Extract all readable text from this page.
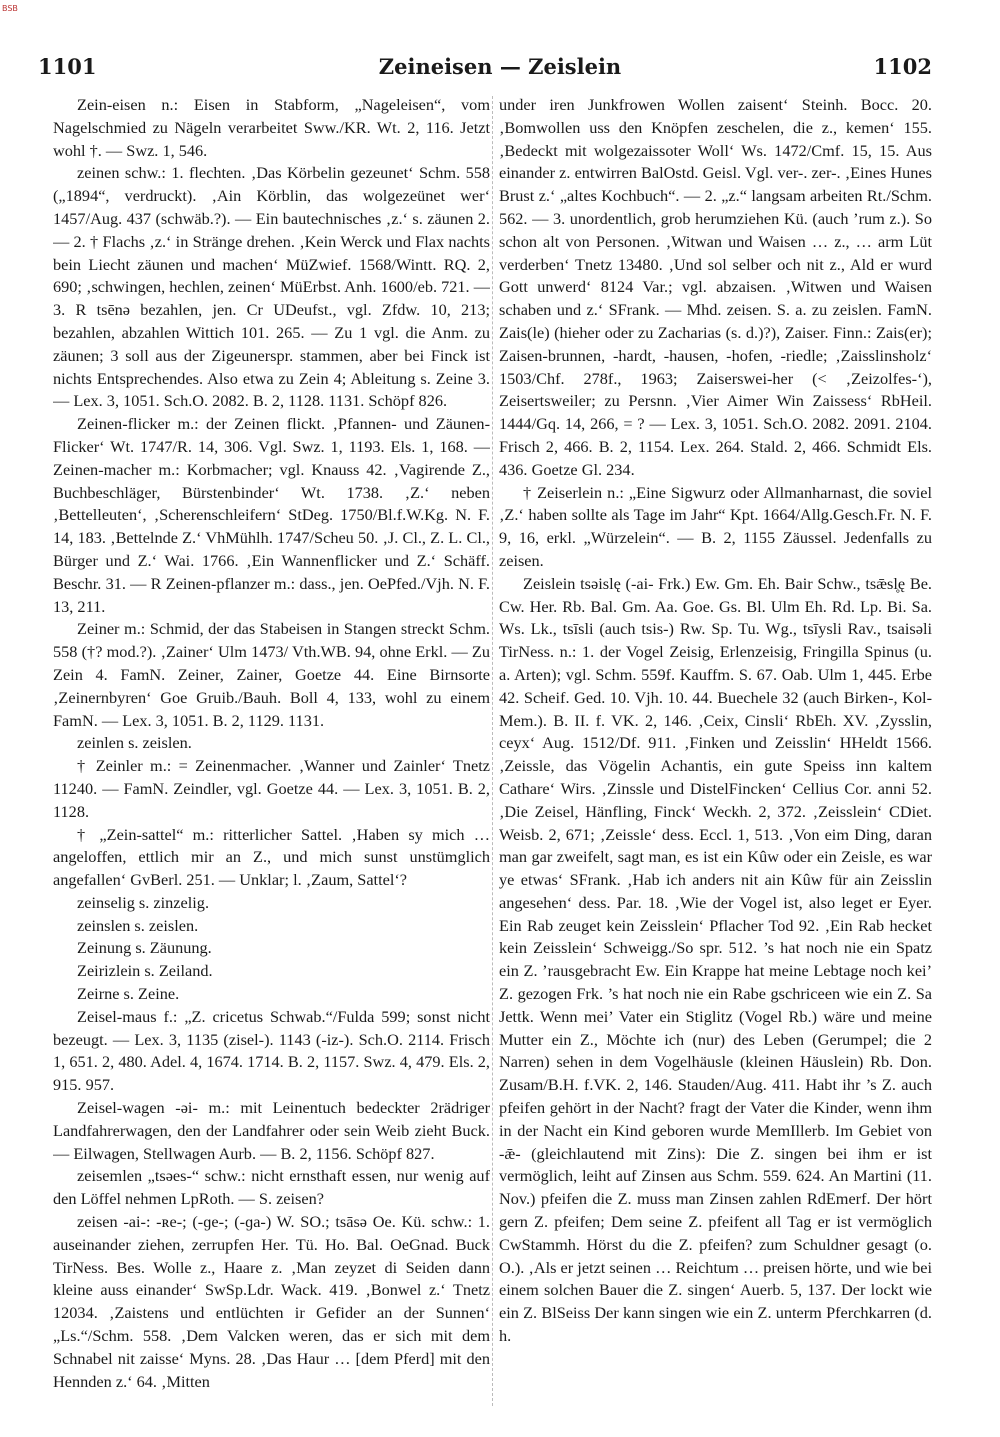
BSB
1101	Zeineisen — Zeislein	1102

Zein-eisen n.: Eisen in Stabform, „Nageleisen“, vom Nagelschmied zu Nägeln verarbeitet Sww./KR. Wt. 2, 116. Jetzt wohl †. — Swz. 1, 546.

zeinen schw.: 1. flechten. ‚Das Körbelin gezeunet‘ Schm. 558 („1894“, verdruckt). ‚Ain Körblin, das wolgezeünet wer‘ 1457/Aug. 437 (schwäb.?). — Ein bautechnisches ‚z.‘ s. zäunen 2. — 2. † Flachs ‚z.‘ in Stränge drehen. ‚Kein Werck und Flax nachts bein Liecht zäunen und machen‘ MüZwief. 1568/Wintt. RQ. 2, 690; ‚schwingen, hechlen, zeinen‘ MüErbst. Anh. 1600/eb. 721. — 3. R tsēnə bezahlen, jen. Cr UDeufst., vgl. Zfdw. 10, 213; bezahlen, abzahlen Wittich 101. 265. — Zu 1 vgl. die Anm. zu zäunen; 3 soll aus der Zigeunerspr. stammen, aber bei Finck ist nichts Entsprechendes. Also etwa zu Zein 4; Ableitung s. Zeine 3. — Lex. 3, 1051. Sch.O. 2082. B. 2, 1128. 1131. Schöpf 826.

Zeinen-flicker m.: der Zeinen flickt. ‚Pfannen- und Zäunen-Flicker‘ Wt. 1747/R. 14, 306. Vgl. Swz. 1, 1193. Els. 1, 168. — Zeinen-macher m.: Korbmacher; vgl. Knauss 42. ‚Vagirende Z., Buchbeschläger, Bürstenbinder‘ Wt. 1738. ‚Z.‘ neben ‚Bettelleuten‘, ‚Scherenschleifern‘ StDeg. 1750/Bl.f.W.Kg. N. F. 14, 183. ‚Bettelnde Z.‘ VhMühlh. 1747/Scheu 50. ‚J. Cl., Z. L. Cl., Bürger und Z.‘ Wai. 1766. ‚Ein Wannenflicker und Z.‘ Schäff. Beschr. 31. — R Zeinen-pflanzer m.: dass., jen. OePfed./Vjh. N. F. 13, 211.

Zeiner m.: Schmid, der das Stabeisen in Stangen streckt Schm. 558 (†? mod.?). ‚Zainer‘ Ulm 1473/ Vth.WB. 94, ohne Erkl. — Zu Zein 4. FamN. Zeiner, Zainer, Goetze 44. Eine Birnsorte ‚Zeinernbyren‘ Goe Gruib./Bauh. Boll 4, 133, wohl zu einem FamN. — Lex. 3, 1051. B. 2, 1129. 1131.

zeinlen s. zeislen.

† Zeinler m.: = Zeinenmacher. ‚Wanner und Zainler‘ Tnetz 11240. — FamN. Zeindler, vgl. Goetze 44. — Lex. 3, 1051. B. 2, 1128.

† „Zein-sattel“ m.: ritterlicher Sattel. ‚Haben sy mich … angeloffen, ettlich mir an Z., und mich sunst unstümglich angefallen‘ GvBerl. 251. — Unklar; l. ‚Zaum, Sattel‘?

zeinselig s. zinzelig.

zeinslen s. zeislen.

Zeinung s. Zäunung.

Zeirizlein s. Zeiland.

Zeirne s. Zeine.

Zeisel-maus f.: „Z. cricetus Schwab.“/Fulda 599; sonst nicht bezeugt. — Lex. 3, 1135 (zisel-). 1143 (-iz-). Sch.O. 2114. Frisch 1, 651. 2, 480. Adel. 4, 1674. 1714. B. 2, 1157. Swz. 4, 479. Els. 2, 915. 957.

Zeisel-wagen -əi- m.: mit Leinentuch bedeckter 2rädriger Landfahrerwagen, den der Landfahrer oder sein Weib zieht Buck. — Eilwagen, Stellwagen Aurb. — B. 2, 1156. Schöpf 827.

zeisemlen „tsəes-“ schw.: nicht ernsthaft essen, nur wenig auf den Löffel nehmen LpRoth. — S. zeisen?

zeisen -ai-: -ʀe-; (-ɡe-; (-ɡa-) W. SO.; tsāsə Oe. Kü. schw.: 1. auseinander ziehen, zerrupfen Her. Tü. Ho. Bal. OeGnad. Buck TirNess. Bes. Wolle z., Haare z. ‚Man zeyzet di Seiden dann kleine auss einander‘ SwSp.Ldr. Wack. 419. ‚Bonwel z.‘ Tnetz 12034. ‚Zaistens und entlüchten ir Gefider an der Sunnen‘ „Ls.“/Schm. 558. ‚Dem Valcken weren, das er sich mit dem Schnabel nit zaisse‘ Myns. 28. ‚Das Haur … [dem Pferd] mit den Hennden z.‘ 64. ‚Mitten

under iren Junkfrowen Wollen zaisent‘ Steinh. Bocc. 20. ‚Bomwollen uss den Knöpfen zeschelen, die z., kemen‘ 155. ‚Bedeckt mit wolgezaissoter Woll‘ Ws. 1472/Cmf. 15, 15. Aus einander z. entwirren BalOstd. Geisl. Vgl. ver-. zer-. ‚Eines Hunes Brust z.‘ „altes Kochbuch“. — 2. „z.“ langsam arbeiten Rt./Schm. 562. — 3. unordentlich, grob herumziehen Kü. (auch ’rum z.). So schon alt von Personen. ‚Witwan und Waisen … z., … arm Lüt verderben‘ Tnetz 13480. ‚Und sol selber och nit z., Ald er wurd Gott unwerd‘ 8124 Var.; vgl. abzaisen. ‚Witwen und Waisen schaben und z.‘ SFrank. — Mhd. zeisen. S. a. zu zeislen. FamN. Zais(le) (hieher oder zu Zacharias (s. d.)?), Zaiser. Finn.: Zais(er); Zaisen-brunnen, -hardt, -hausen, -hofen, -riedle; ‚Zaisslinsholz‘ 1503/Chf. 278f., 1963; Zaiserswei-her (< ‚Zeizolfes-‘), Zeisertsweiler; zu Persnn. ‚Vier Aimer Win Zaissess‘ RbHeil. 1444/Gq. 14, 266, = ? — Lex. 3, 1051. Sch.O. 2082. 2091. 2104. Frisch 2, 466. B. 2, 1154. Lex. 264. Stald. 2, 466. Schmidt Els. 436. Goetze Gl. 234.

† Zeiserlein n.: „Eine Sigwurz oder Allmanharnast, die soviel ‚Z.‘ haben sollte als Tage im Jahr“ Kpt. 1664/Allg.Gesch.Fr. N. F. 9, 16, erkl. „Würzelein“. — B. 2, 1155 Zäussel. Jedenfalls zu zeisen.

Zeislein tsəislę (-ai- Frk.) Ew. Gm. Eh. Bair Schw., tsǣsl̥ę Be. Cw. Her. Rb. Bal. Gm. Aa. Goe. Gs. Bl. Ulm Eh. Rd. Lp. Bi. Sa. Ws. Lk., tsīsli (auch tsis-) Rw. Sp. Tu. Wg., tsīysli Rav., tsaisəli TirNess. n.: 1. der Vogel Zeisig, Erlenzeisig, Fringilla Spinus (u. a. Arten); vgl. Schm. 559f. Kauffm. S. 67. Oab. Ulm 1, 445. Erbe 42. Scheif. Ged. 10. Vjh. 10. 44. Buechele 32 (auch Birken-, Kol- Mem.). B. II. f. VK. 2, 146. ‚Ceix, Cinsli‘ RbEh. XV. ‚Zysslin, ceyx‘ Aug. 1512/Df. 911. ‚Finken und Zeisslin‘ HHeldt 1566. ‚Zeissle, das Vögelin Achantis, ein gute Speiss inn kaltem Cathare‘ Wirs. ‚Zinssle und DistelFincken‘ Cellius Cor. anni 52. ‚Die Zeisel, Hänfling, Finck‘ Weckh. 2, 372. ‚Zeisslein‘ CDiet. Weisb. 2, 671; ‚Zeissle‘ dess. Eccl. 1, 513. ‚Von eim Ding, daran man gar zweifelt, sagt man, es ist ein Kûw oder ein Zeisle, es war ye etwas‘ SFrank. ‚Hab ich anders nit ain Kûw für ain Zeisslin angesehen‘ dess. Par. 18. ‚Wie der Vogel ist, also leget er Eyer. Ein Rab zeuget kein Zeisslein‘ Pflacher Tod 92. ‚Ein Rab hecket kein Zeisslein‘ Schweigg./So spr. 512. ’s hat noch nie ein Spatz ein Z. ’rausgebracht Ew. Ein Krappe hat meine Lebtage noch kei’ Z. gezogen Frk. ’s hat noch nie ein Rabe gschriceen wie ein Z. Sa Jettk. Wenn mei’ Vater ein Stiglitz (Vogel Rb.) wäre und meine Mutter ein Z., Möchte ich (nur) des Leben (Gerumpel; die 2 Narren) sehen in dem Vogelhäusle (kleinen Häuslein) Rb. Don. Zusam/B.H. f.VK. 2, 146. Stauden/Aug. 411. Habt ihr ’s Z. auch pfeifen gehört in der Nacht? fragt der Vater die Kinder, wenn ihm in der Nacht ein Kind geboren wurde MemIllerb. Im Gebiet von -ǣ- (gleichlautend mit Zins): Die Z. singen bei ihm er ist vermöglich, leiht auf Zinsen aus Schm. 559. 624. An Martini (11. Nov.) pfeifen die Z. muss man Zinsen zahlen RdEmerf. Der hört gern Z. pfeifen; Dem seine Z. pfeifent all Tag er ist vermöglich CwStammh. Hörst du die Z. pfeifen? zum Schuldner gesagt (o. O.). ‚Als er jetzt seinen … Reichtum … preisen hörte, und wie bei einem solchen Bauer die Z. singen‘ Auerb. 5, 137. Der lockt wie ein Z. BlSeiss Der kann singen wie ein Z. unterm Pferchkarren (d. h.
